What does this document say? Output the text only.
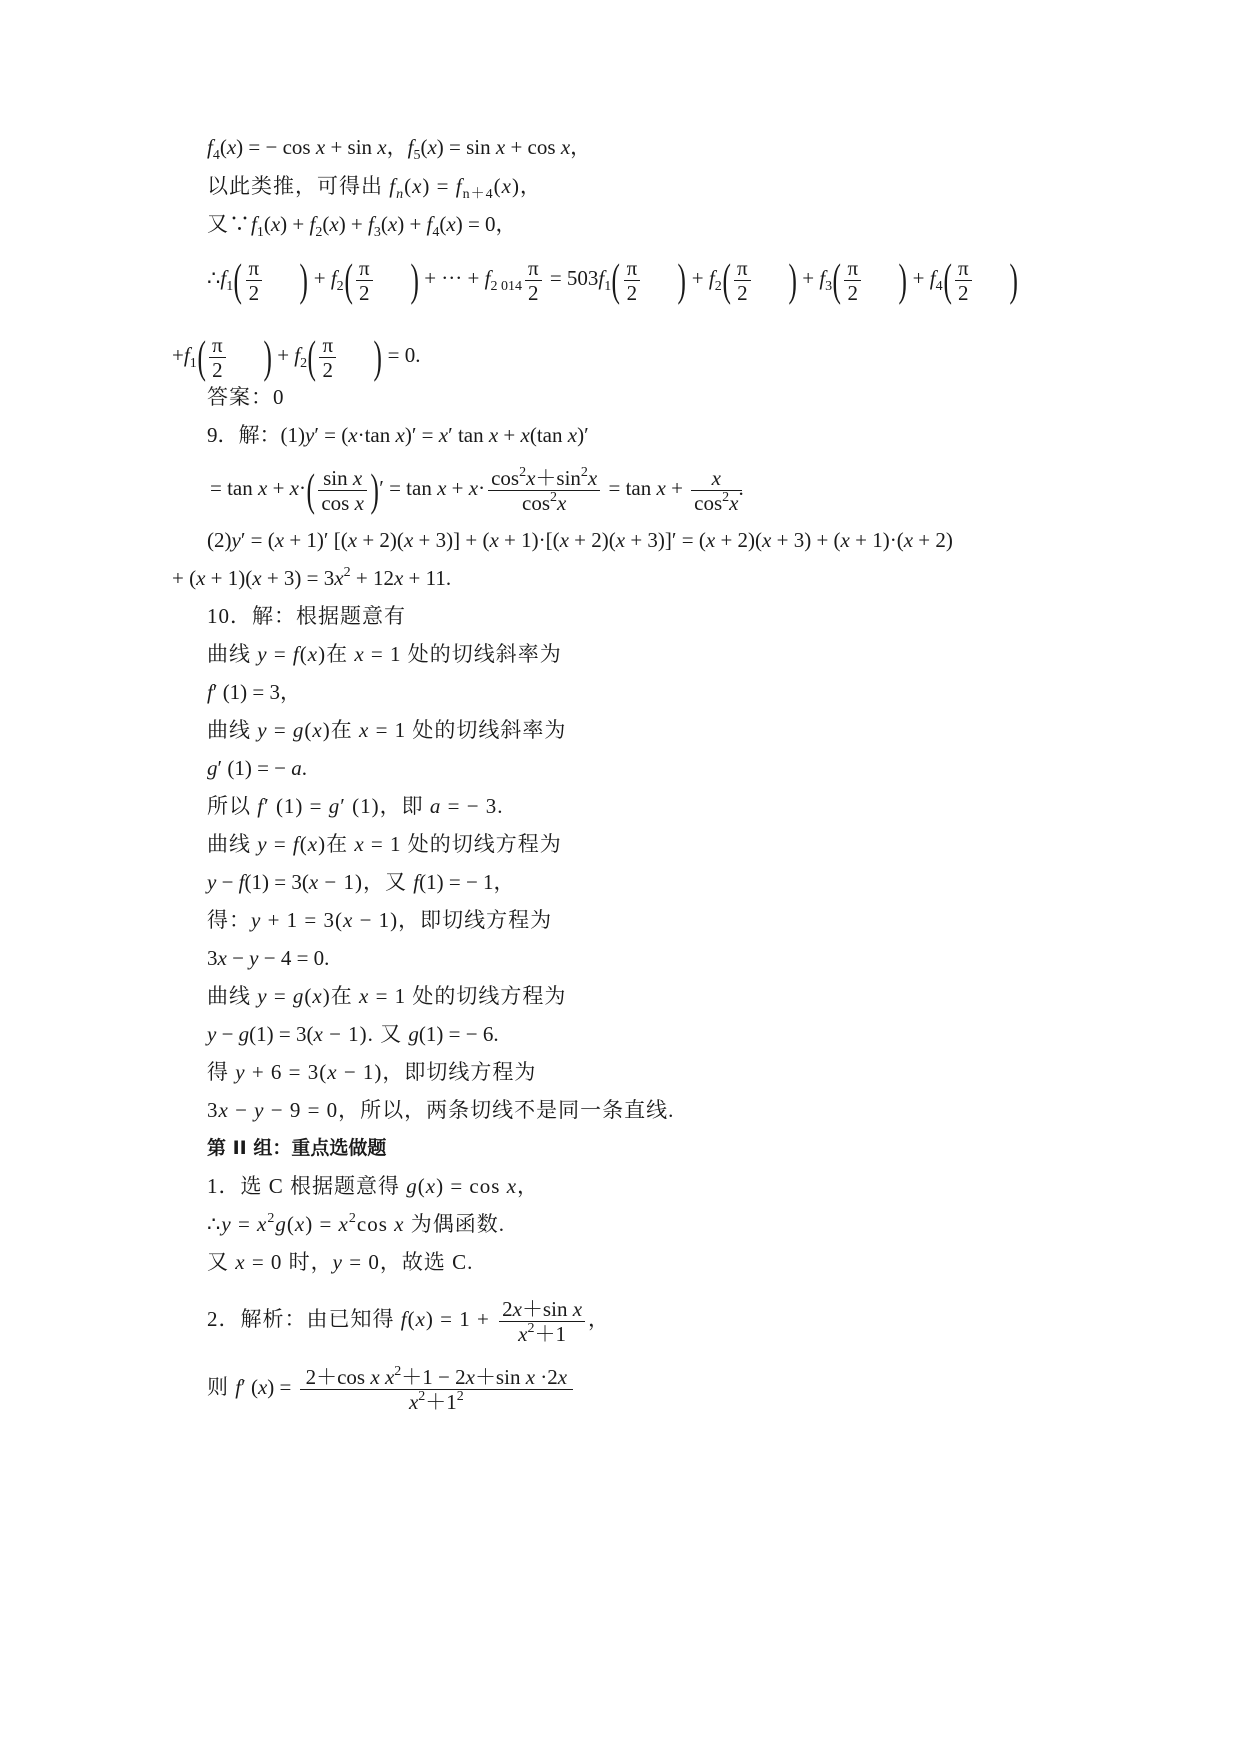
$f_4(x)$ = − cos x + sin x，$f_5(x) = \sin x + \cos x$，
以此类推，可得出 $f_n(x) = f_{n+4}(x)$，
又$\because f_1(x) + f_2(x) + f_3(x) + f_4(x) = 0$，
$\therefore f_1( \frac{\pi}{2}$ ) + $f_2( \frac{\pi}{2}$ ) + ··· + $f_{2 014} \frac{\pi}{2} = 503f_1( \frac{\pi}{2}$ ) + $f_2( \frac{\pi}{2}$ ) + $f_3( \frac{\pi}{2}$ ) + $f_4( \frac{\pi}{2}$ )
$+f_1( \frac{\pi}{2}$ ) + $f_2( \frac{\pi}{2}$ ) = 0.
答案：0
9．解：(1)y′ = (x·tan x)′ = x′ tan x + x(tan x)′
= $\tan x + x\cdot( \frac{\text{sin x}}{\text{cos x}}$ )′ = $\tan x + x\cdot \frac{\cos^2x+\sin^2x}{\cos^2x} = \tan x + \frac{x}{\cos^2x}$
.
(2)y′ = (x + 1)′ [(x + 2)(x + 3)] + (x + 1)·[(x + 2)(x + 3)]′ = (x + 2)(x + 3) + (x + 1)·(x + 2)
+ $(x + 1)(x + 3) = 3x^2 + 12x + 11$.
10．解：根据题意有
曲线 y = f(x)在 x = 1 处的切线斜率为
f′ (1) = 3，
曲线 y = g(x)在 x = 1 处的切线斜率为
g′ (1) = − a.
所以 f′ (1) = g′ (1)，即 a = − 3.
曲线 y = f(x)在 x = 1 处的切线方程为
y − f(1) = 3(x − 1)，又 f(1) = − 1，
得：y + 1 = 3(x − 1)，即切线方程为
3x − y − 4 = 0.
曲线 y = g(x)在 x = 1 处的切线方程为
y − g(1) = 3(x − 1). 又 g(1) = − 6.
得 y + 6 = 3(x − 1)，即切线方程为
3x − y − 9 = 0，所以，两条切线不是同一条直线.
第 II 组：重点选做题
1．选 C 根据题意得 g(x) = cos x，
∴y = $x^2g(x) = x^2\cos$ x 为偶函数.
又 x = 0 时，y = 0，故选 C.
2．解析：由已知得 $f(x) = 1 + \frac{\text{2x＋sin x}}{x^2+1}$ ，
则 f′ $(x) = \frac{2+\cos x x^2+1 - 2x+\sin x \cdot 2x}{x^2+1^2}$
